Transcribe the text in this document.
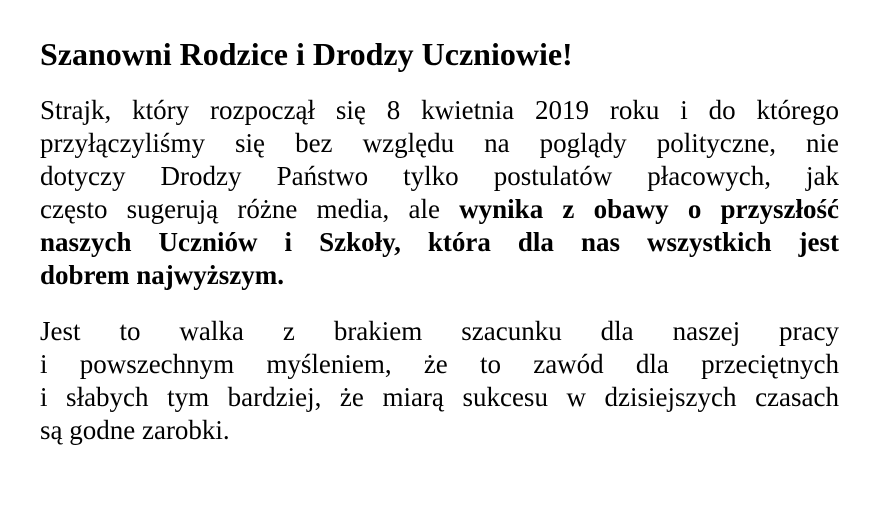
Szanowni Rodzice i Drodzy Uczniowie!

Strajk, który rozpoczął się 8 kwietnia 2019 roku i do którego
przyłączyliśmy się bez względu na poglądy polityczne, nie
dotyczy Drodzy Państwo tylko postulatów płacowych, jak
często sugerują różne media, ale wynika z obawy o przyszłość
naszych Uczniów i Szkoły, która dla nas wszystkich jest
dobrem najwyższym.

Jest to walka z brakiem szacunku dla naszej pracy
i powszechnym myśleniem, że to zawód dla przeciętnych
i słabych tym bardziej, że miarą sukcesu w dzisiejszych czasach
są godne zarobki.
